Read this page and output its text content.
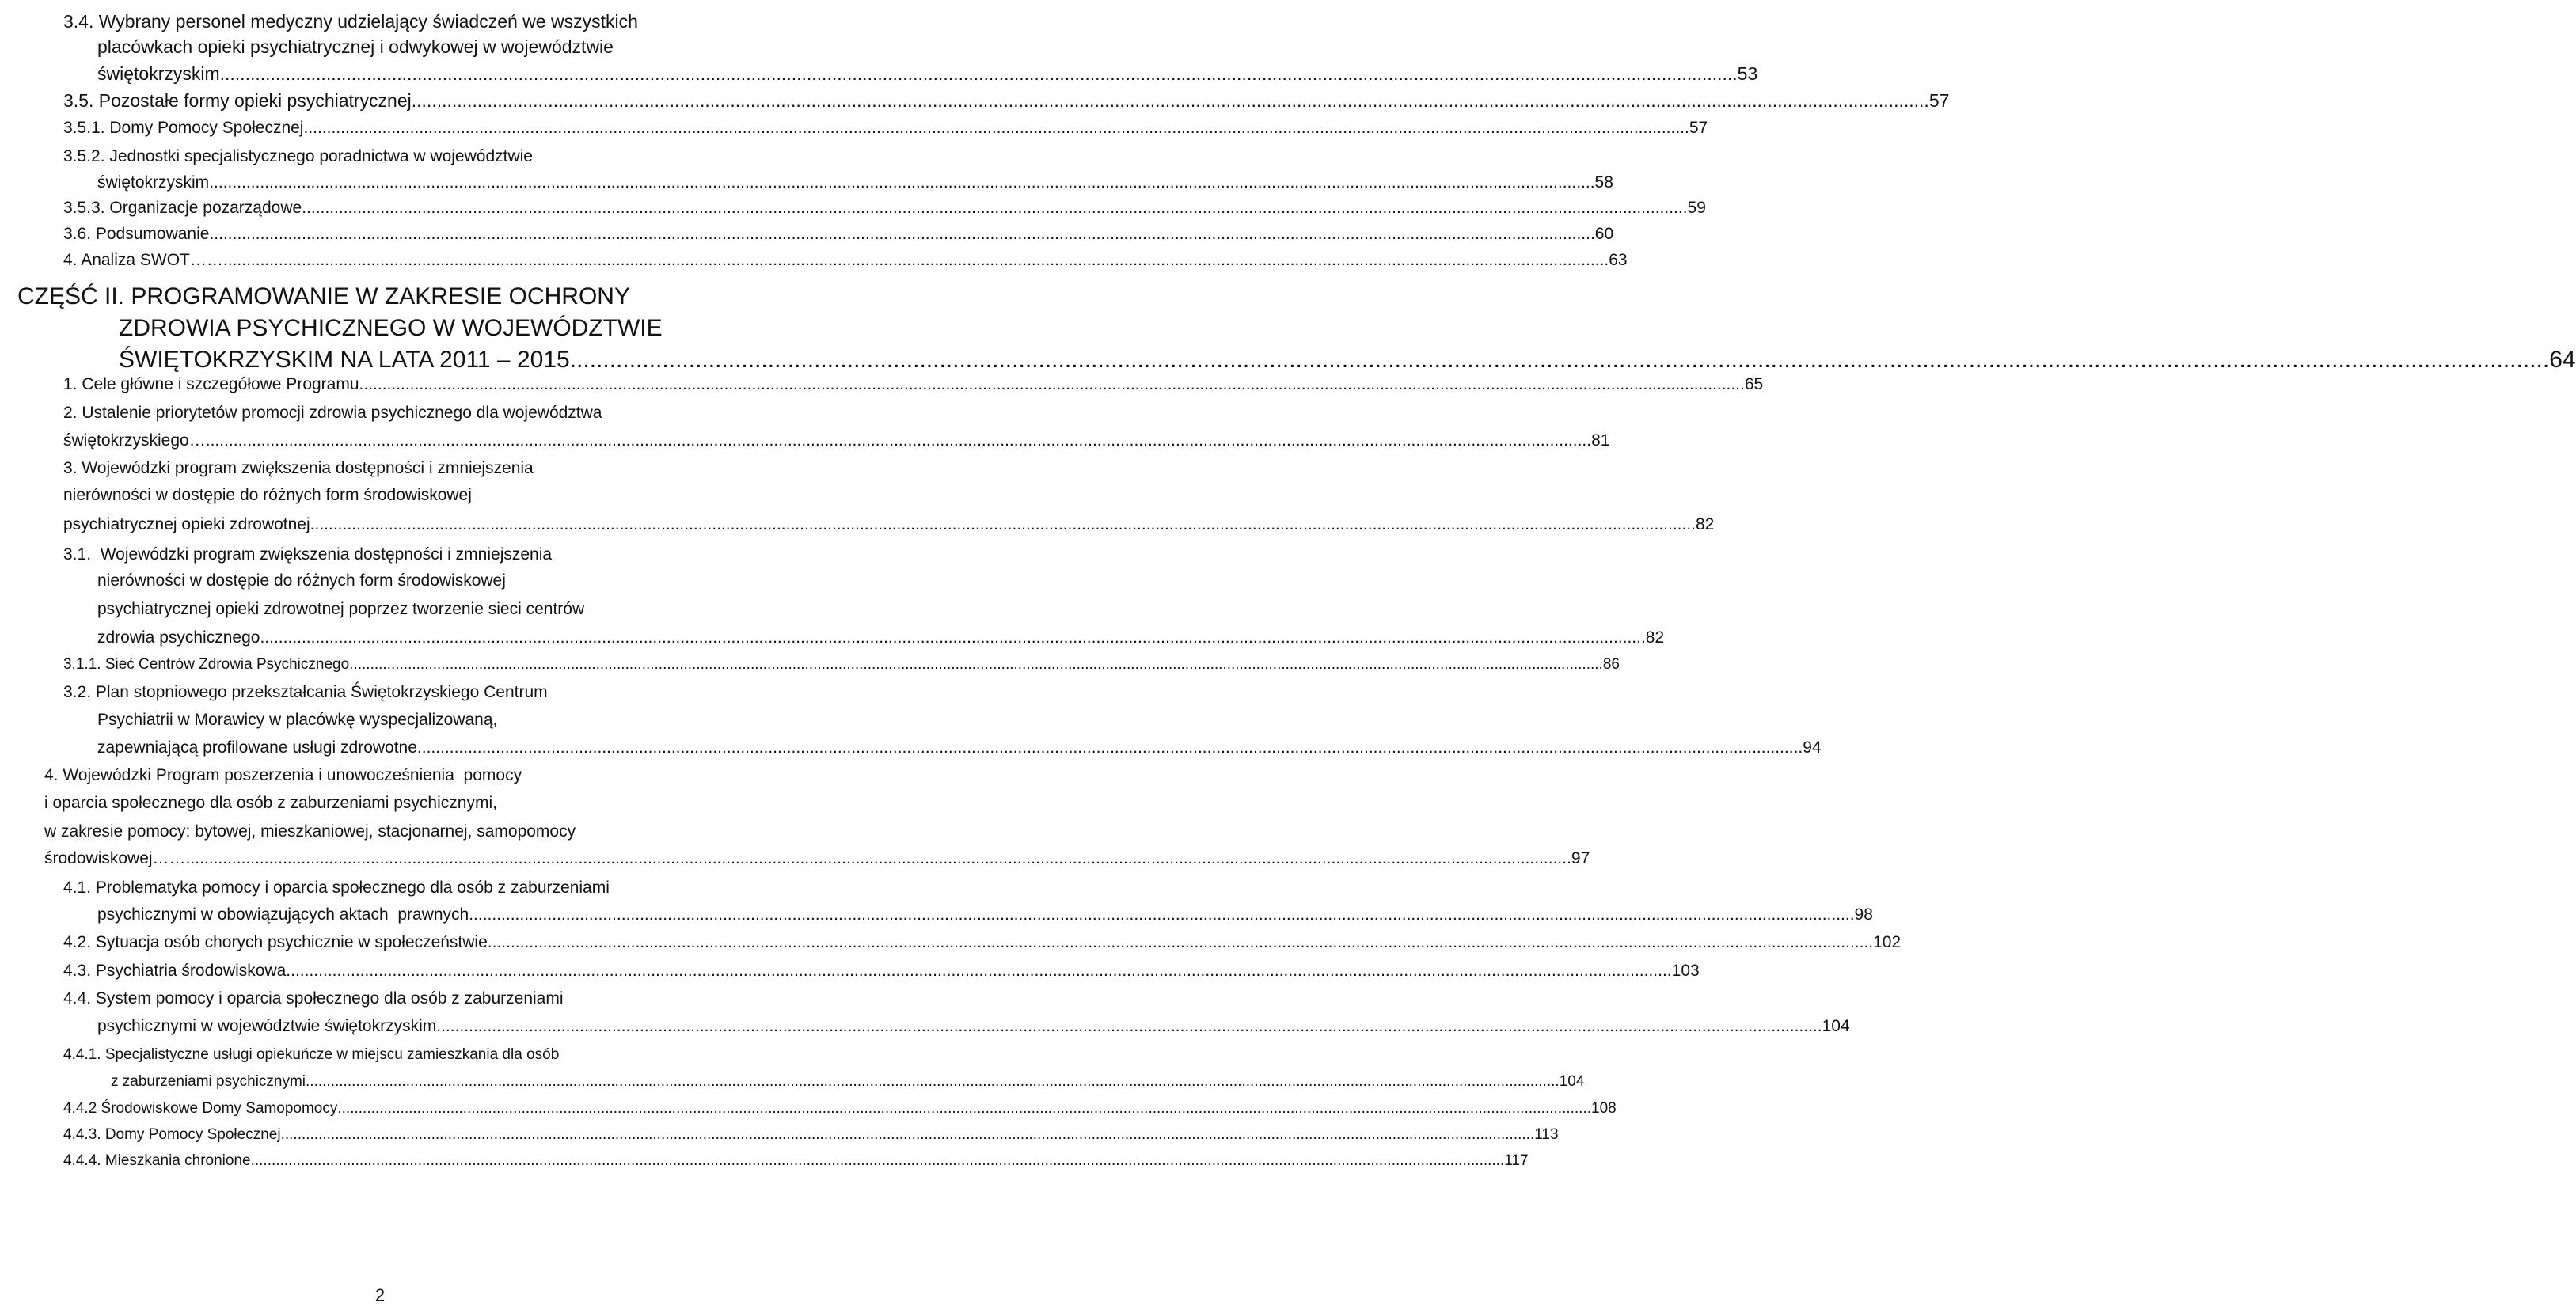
3.4. Wybrany personel medyczny udzielający świadczeń we wszystkich
placówkach opieki psychiatrycznej i odwykowej w województwie
świętokrzyskim ............................................................................................................................................................................................................................................................................................................ 53
3.5. Pozostałe formy opieki psychiatrycznej ............................................................................................................................................................................................................................................................................................................ 57
3.5.1. Domy Pomocy Społecznej ............................................................................................................................................................................................................................................................................................................ 57
3.5.2. Jednostki specjalistycznego poradnictwa w województwie
świętokrzyskim ............................................................................................................................................................................................................................................................................................................ 58
3.5.3. Organizacje pozarządowe ............................................................................................................................................................................................................................................................................................................ 59
3.6. Podsumowanie ............................................................................................................................................................................................................................................................................................................ 60
4. Analiza SWOT…… ............................................................................................................................................................................................................................................................................................................ 63
CZĘŚĆ II. PROGRAMOWANIE W ZAKRESIE OCHRONY
ZDROWIA PSYCHICZNEGO W WOJEWÓDZTWIE
ŚWIĘTOKRZYSKIM NA LATA 2011 – 2015 ............................................................................................................................................................................................................................................................................................................ 64
1. Cele główne i szczegółowe Programu ............................................................................................................................................................................................................................................................................................................ 65
2. Ustalenie priorytetów promocji zdrowia psychicznego dla województwa
świętokrzyskiego… ............................................................................................................................................................................................................................................................................................................ 81
3. Wojewódzki program zwiększenia dostępności i zmniejszenia
nierówności w dostępie do różnych form środowiskowej
psychiatrycznej opieki zdrowotnej ............................................................................................................................................................................................................................................................................................................ 82
3.1.  Wojewódzki program zwiększenia dostępności i zmniejszenia
nierówności w dostępie do różnych form środowiskowej
psychiatrycznej opieki zdrowotnej poprzez tworzenie sieci centrów
zdrowia psychicznego ............................................................................................................................................................................................................................................................................................................ 82
3.1.1. Sieć Centrów Zdrowia Psychicznego ............................................................................................................................................................................................................................................................................................................ 86
3.2. Plan stopniowego przekształcania Świętokrzyskiego Centrum
Psychiatrii w Morawicy w placówkę wyspecjalizowaną,
zapewniającą profilowane usługi zdrowotne ............................................................................................................................................................................................................................................................................................................ 94
4. Wojewódzki Program poszerzenia i unowocześnienia  pomocy
i oparcia społecznego dla osób z zaburzeniami psychicznymi,
w zakresie pomocy: bytowej, mieszkaniowej, stacjonarnej, samopomocy
środowiskowej…… ............................................................................................................................................................................................................................................................................................................ 97
4.1. Problematyka pomocy i oparcia społecznego dla osób z zaburzeniami
psychicznymi w obowiązujących aktach  prawnych ............................................................................................................................................................................................................................................................................................................ 98
4.2. Sytuacja osób chorych psychicznie w społeczeństwie ............................................................................................................................................................................................................................................................................................................ 102
4.3. Psychiatria środowiskowa ............................................................................................................................................................................................................................................................................................................ 103
4.4. System pomocy i oparcia społecznego dla osób z zaburzeniami
psychicznymi w województwie świętokrzyskim ............................................................................................................................................................................................................................................................................................................ 104
4.4.1. Specjalistyczne usługi opiekuńcze w miejscu zamieszkania dla osób
z zaburzeniami psychicznymi ............................................................................................................................................................................................................................................................................................................ 104
4.4.2 Środowiskowe Domy Samopomocy ............................................................................................................................................................................................................................................................................................................ 108
4.4.3. Domy Pomocy Społecznej ............................................................................................................................................................................................................................................................................................................ 113
4.4.4. Mieszkania chronione ............................................................................................................................................................................................................................................................................................................ 117
2
